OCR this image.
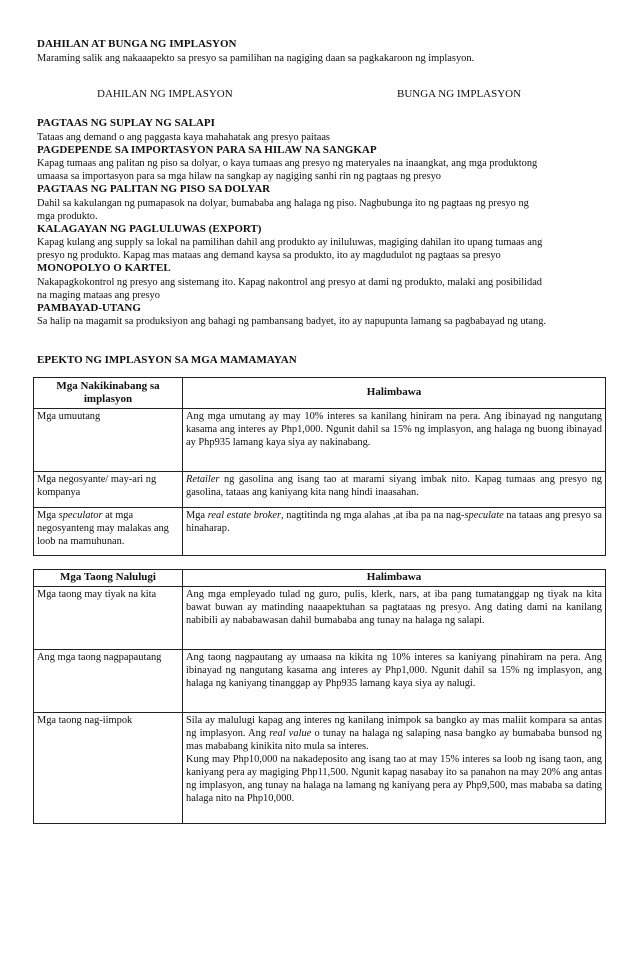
DAHILAN AT BUNGA NG IMPLASYON
Maraming salik ang nakaaapekto sa presyo sa pamilihan na nagiging daan sa pagkakaroon ng implasyon.
DAHILAN NG IMPLASYON	BUNGA NG IMPLASYON
PAGTAAS NG SUPLAY NG SALAPI
Tataas ang demand o ang paggasta kaya mahahatak ang presyo paitaas
PAGDEPENDE SA IMPORTASYON PARA SA HILAW NA SANGKAP
Kapag tumaas ang palitan ng piso sa dolyar, o kaya tumaas ang presyo ng materyales na inaangkat, ang mga produktong
umaasa sa importasyon para sa mga hilaw na sangkap ay nagiging sanhi rin ng pagtaas ng presyo
PAGTAAS NG PALITAN NG PISO SA DOLYAR
Dahil sa kakulangan ng pumapasok na dolyar, bumababa ang halaga ng piso. Nagbubunga ito ng pagtaas ng presyo ng
mga produkto.
KALAGAYAN NG PAGLULUWAS (EXPORT)
Kapag kulang ang supply sa lokal na pamilihan dahil ang produkto ay iniluluwas, magiging dahilan ito upang tumaas ang
presyo ng produkto. Kapag mas mataas ang demand kaysa sa produkto, ito ay magdudulot ng pagtaas sa presyo
MONOPOLYO O KARTEL
Nakapagkokontrol ng presyo ang sistemang ito. Kapag nakontrol ang presyo at dami ng produkto, malaki ang posibilidad
na maging mataas ang presyo
PAMBAYAD-UTANG
Sa halip na magamit sa produksiyon ang bahagi ng pambansang badyet, ito ay napupunta lamang sa pagbabayad ng utang.
EPEKTO NG IMPLASYON SA MGA MAMAMAYAN
Mga Nakikinabang sa implasyon	Halimbawa
Mga umuutang	Ang mga umutang ay may 10% interes sa kanilang hiniram na pera. Ang ibinayad ng nangutang kasama ang interes ay Php1,000. Ngunit dahil sa 15% ng implasyon, ang halaga ng buong ibinayad ay Php935 lamang kaya siya ay nakinabang.
Mga negosyante/ may-ari ng kompanya	Retailer ng gasolina ang isang tao at marami siyang imbak nito. Kapag tumaas ang presyo ng gasolina, tataas ang kaniyang kita nang hindi inaasahan.
Mga speculator at mga negosyanteng may malakas ang loob na mamuhunan.	Mga real estate broker, nagtitinda ng mga alahas ,at iba pa na nag-speculate na tataas ang presyo sa hinaharap.
Mga Taong Nalulugi	Halimbawa
Mga taong may tiyak na kita	Ang mga empleyado tulad ng guro, pulis, klerk, nars, at iba pang tumatanggap ng tiyak na kita bawat buwan ay matinding naaapektuhan sa pagtataas ng presyo. Ang dating dami na kanilang nabibili ay nababawasan dahil bumababa ang tunay na halaga ng salapi.
Ang mga taong nagpapautang	Ang taong nagpautang ay umaasa na kikita ng 10% interes sa kaniyang pinahiram na pera. Ang ibinayad ng nangutang kasama ang interes ay Php1,000. Ngunit dahil sa 15% ng implasyon, ang halaga ng kaniyang tinanggap ay Php935 lamang kaya siya ay nalugi.
Mga taong nag-iimpok	Sila ay malulugi kapag ang interes ng kanilang inimpok sa bangko ay mas maliit kompara sa antas ng implasyon. Ang real value o tunay na halaga ng salaping nasa bangko ay bumababa bunsod ng mas mababang kinikita nito mula sa interes.
Kung may Php10,000 na nakadeposito ang isang tao at may 15% interes sa loob ng isang taon, ang kaniyang pera ay magiging Php11,500. Ngunit kapag nasabay ito sa panahon na may 20% ang antas ng implasyon, ang tunay na halaga na lamang ng kaniyang pera ay Php9,500, mas mababa sa dating halaga nito na Php10,000.
